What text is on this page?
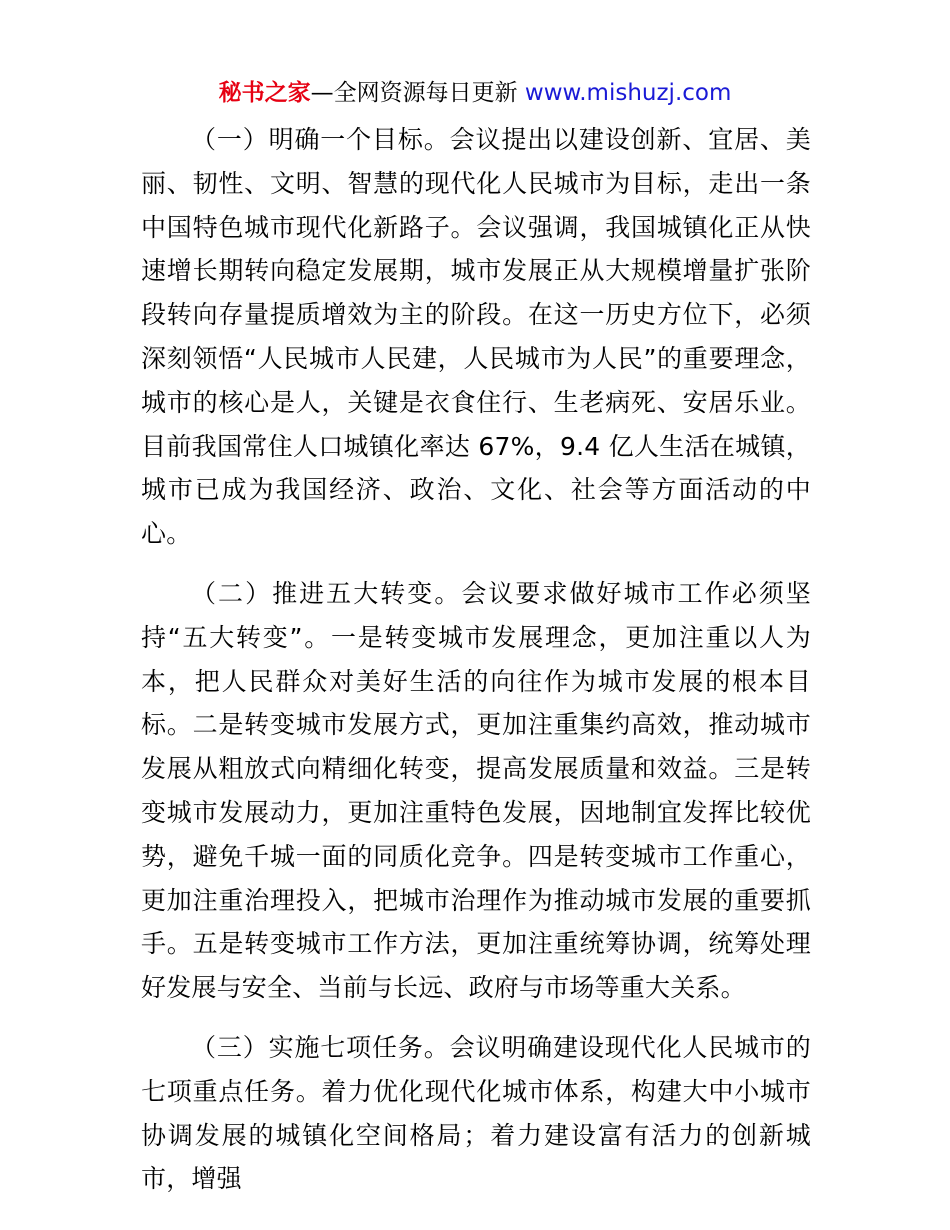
秘书之家—全网资源每日更新 www.mishuzj.com

（一）明确一个目标。会议提出以建设创新、宜居、美丽、韧性、文明、智慧的现代化人民城市为目标，走出一条中国特色城市现代化新路子。会议强调，我国城镇化正从快速增长期转向稳定发展期，城市发展正从大规模增量扩张阶段转向存量提质增效为主的阶段。在这一历史方位下，必须深刻领悟“人民城市人民建，人民城市为人民”的重要理念，城市的核心是人，关键是衣食住行、生老病死、安居乐业。目前我国常住人口城镇化率达 67%，9.4 亿人生活在城镇，城市已成为我国经济、政治、文化、社会等方面活动的中心。

（二）推进五大转变。会议要求做好城市工作必须坚持“五大转变”。一是转变城市发展理念，更加注重以人为本，把人民群众对美好生活的向往作为城市发展的根本目标。二是转变城市发展方式，更加注重集约高效，推动城市发展从粗放式向精细化转变，提高发展质量和效益。三是转变城市发展动力，更加注重特色发展，因地制宜发挥比较优势，避免千城一面的同质化竞争。四是转变城市工作重心，更加注重治理投入，把城市治理作为推动城市发展的重要抓手。五是转变城市工作方法，更加注重统筹协调，统筹处理好发展与安全、当前与长远、政府与市场等重大关系。

（三）实施七项任务。会议明确建设现代化人民城市的七项重点任务。着力优化现代化城市体系，构建大中小城市协调发展的城镇化空间格局；着力建设富有活力的创新城市，增强
